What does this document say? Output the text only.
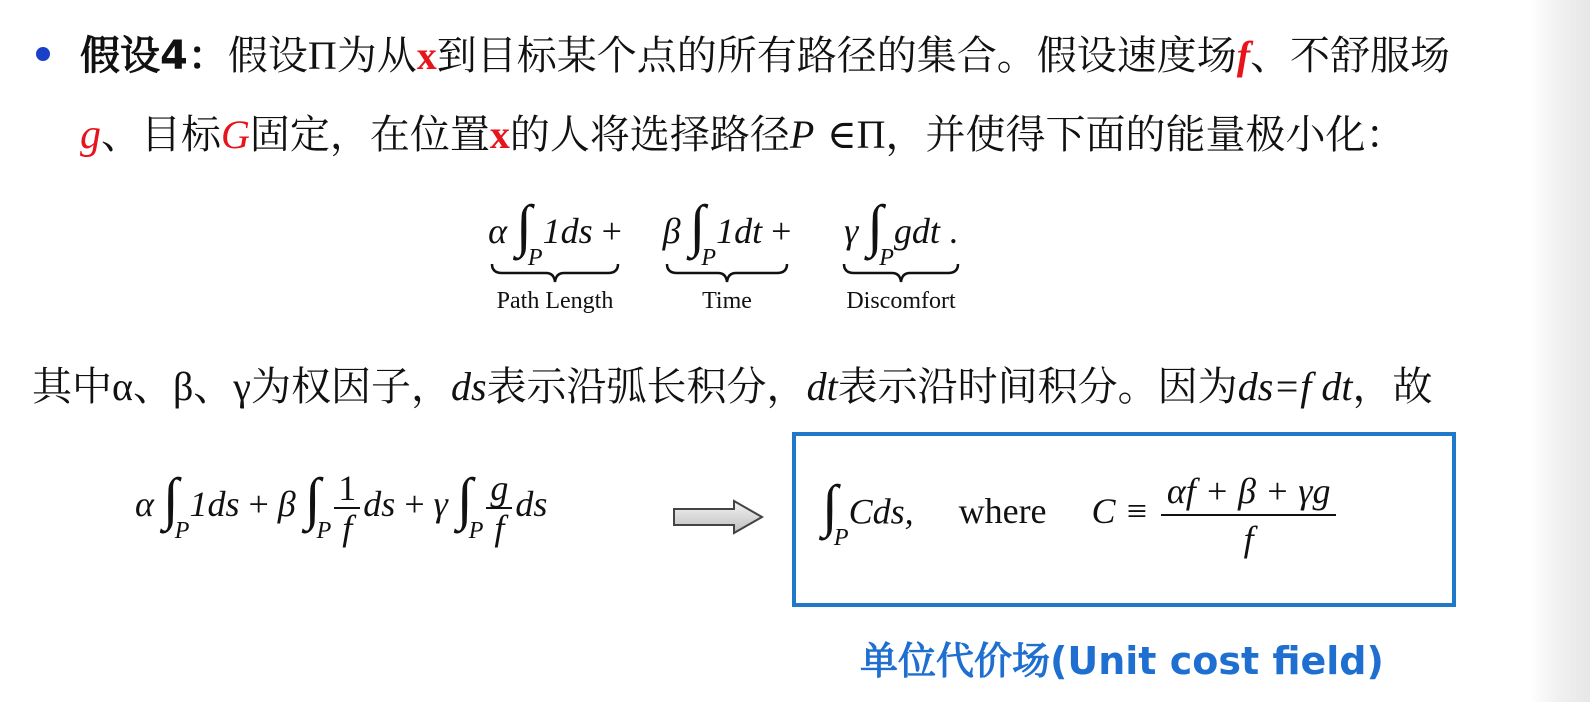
假设4：假设Π为从x到目标某个点的所有路径的集合。假设速度场f、不舒服场
g、目标G固定，在位置x的人将选择路径P ∈Π，并使得下面的能量极小化：
α $\int_P1ds$ +
Path Length
β $\int_P1dt$ +
Time
γ $\int_Pgdt$ .
Discomfort
其中α、β、γ为权因子，ds表示沿弧长积分，dt表示沿时间积分。因为ds=f dt，故
α $\int_P1ds + \beta$ $\int_P \frac{1}{f}$ ds + γ $\int_P \frac{g}{f}$ ds	$\int_PCds$, where $C \equiv \frac{\alpha f + \beta + \gamma g}{f}$
单位代价场(Unit cost field)
